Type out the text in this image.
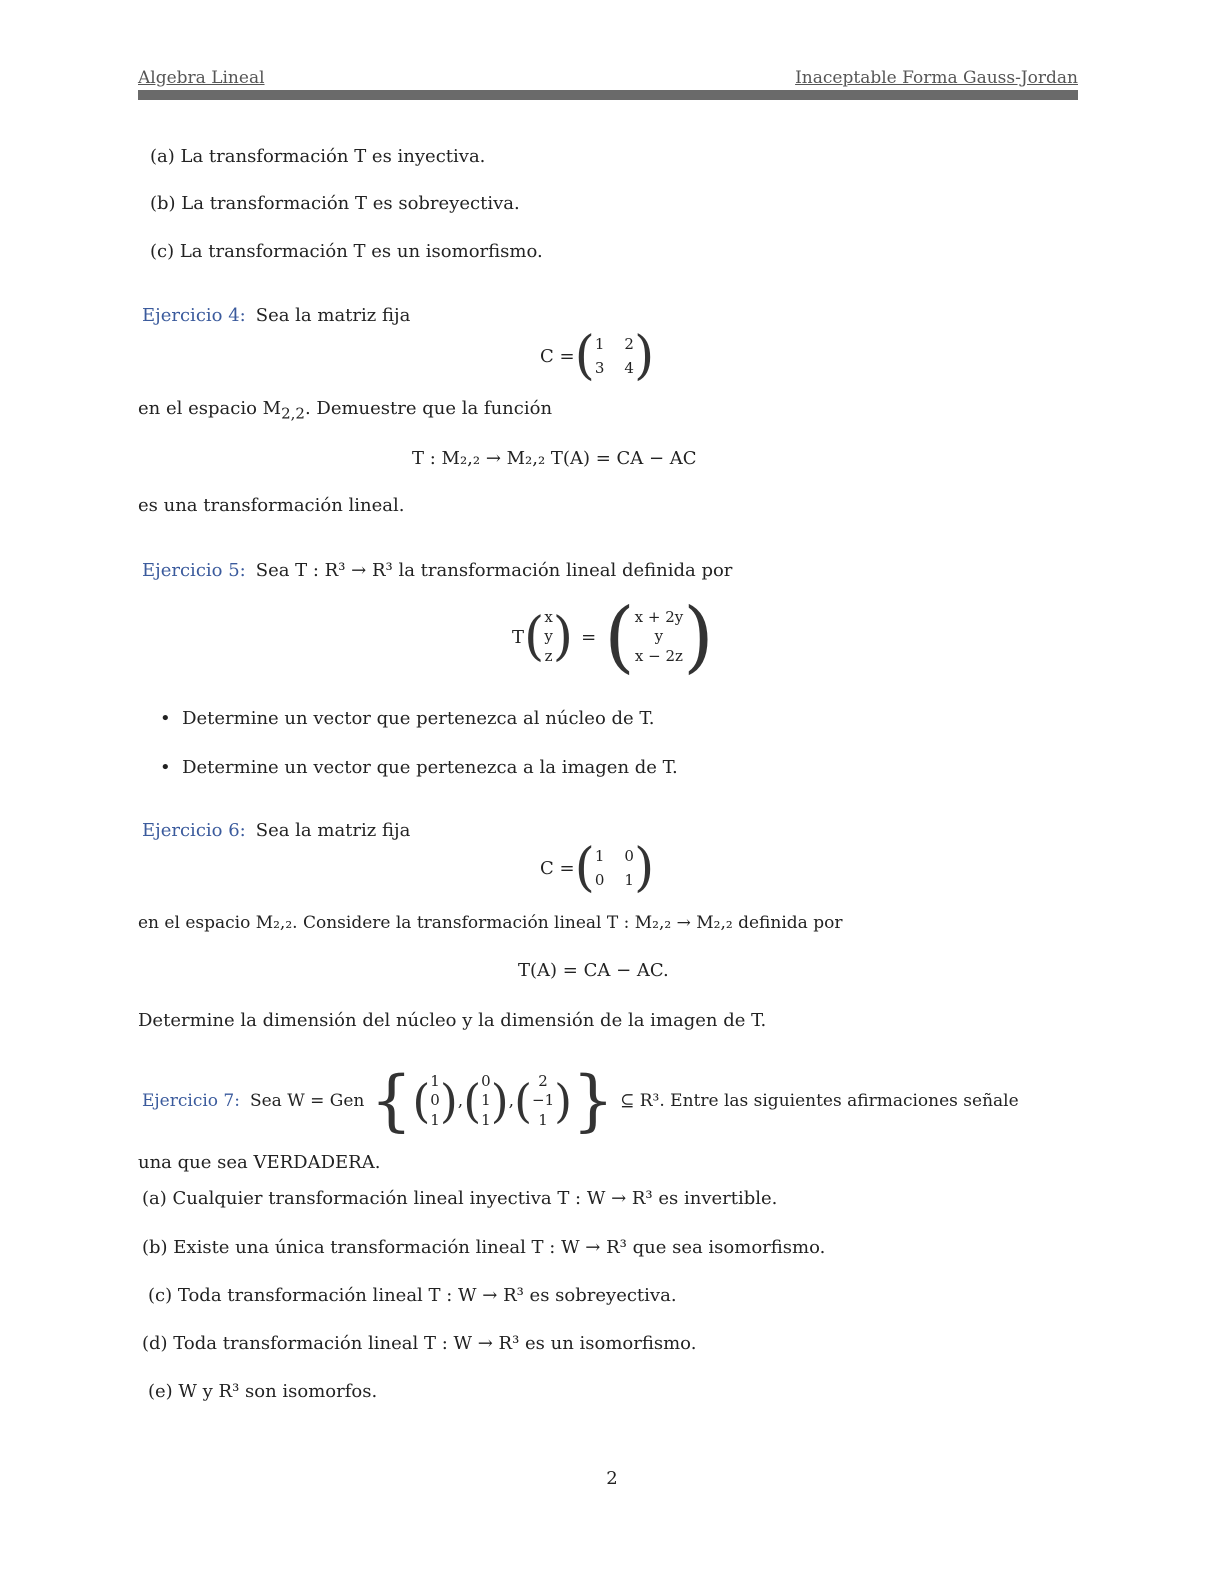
Algebra Lineal	Inaceptable Forma Gauss-Jordan
(a) La transformación T es inyectiva.
(b) La transformación T es sobreyectiva.
(c) La transformación T es un isomorfismo.
Ejercicio 4: Sea la matriz fija
C = ( 1 2
3 4 )
en el espacio $M_{2,2}$. Demuestre que la función
T : M₂,₂ → M₂,₂ T(A) = CA − AC
es una transformación lineal.
Ejercicio 5: Sea T : R³ → R³ la transformación lineal definida por
T ( x
y
z ) = ( x + 2y
y
x − 2z )
•  Determine un vector que pertenezca al núcleo de T.
•  Determine un vector que pertenezca a la imagen de T.
Ejercicio 6: Sea la matriz fija
C = ( 1 0
0 1 )
en el espacio M₂,₂. Considere la transformación lineal T : M₂,₂ → M₂,₂ definida por
T(A) = CA − AC.
Determine la dimensión del núcleo y la dimensión de la imagen de T.
Ejercicio 7: Sea W = Gen { ( 1
0
1 ) , ( 0
1
1 ) , ( 2
−1
1 ) } ⊆ R³. Entre las siguientes afirmaciones señale
una que sea VERDADERA.
(a) Cualquier transformación lineal inyectiva T : W → R³ es invertible.
(b) Existe una única transformación lineal T : W → R³ que sea isomorfismo.
(c) Toda transformación lineal T : W → R³ es sobreyectiva.
(d) Toda transformación lineal T : W → R³ es un isomorfismo.
(e) W y R³ son isomorfos.
2
